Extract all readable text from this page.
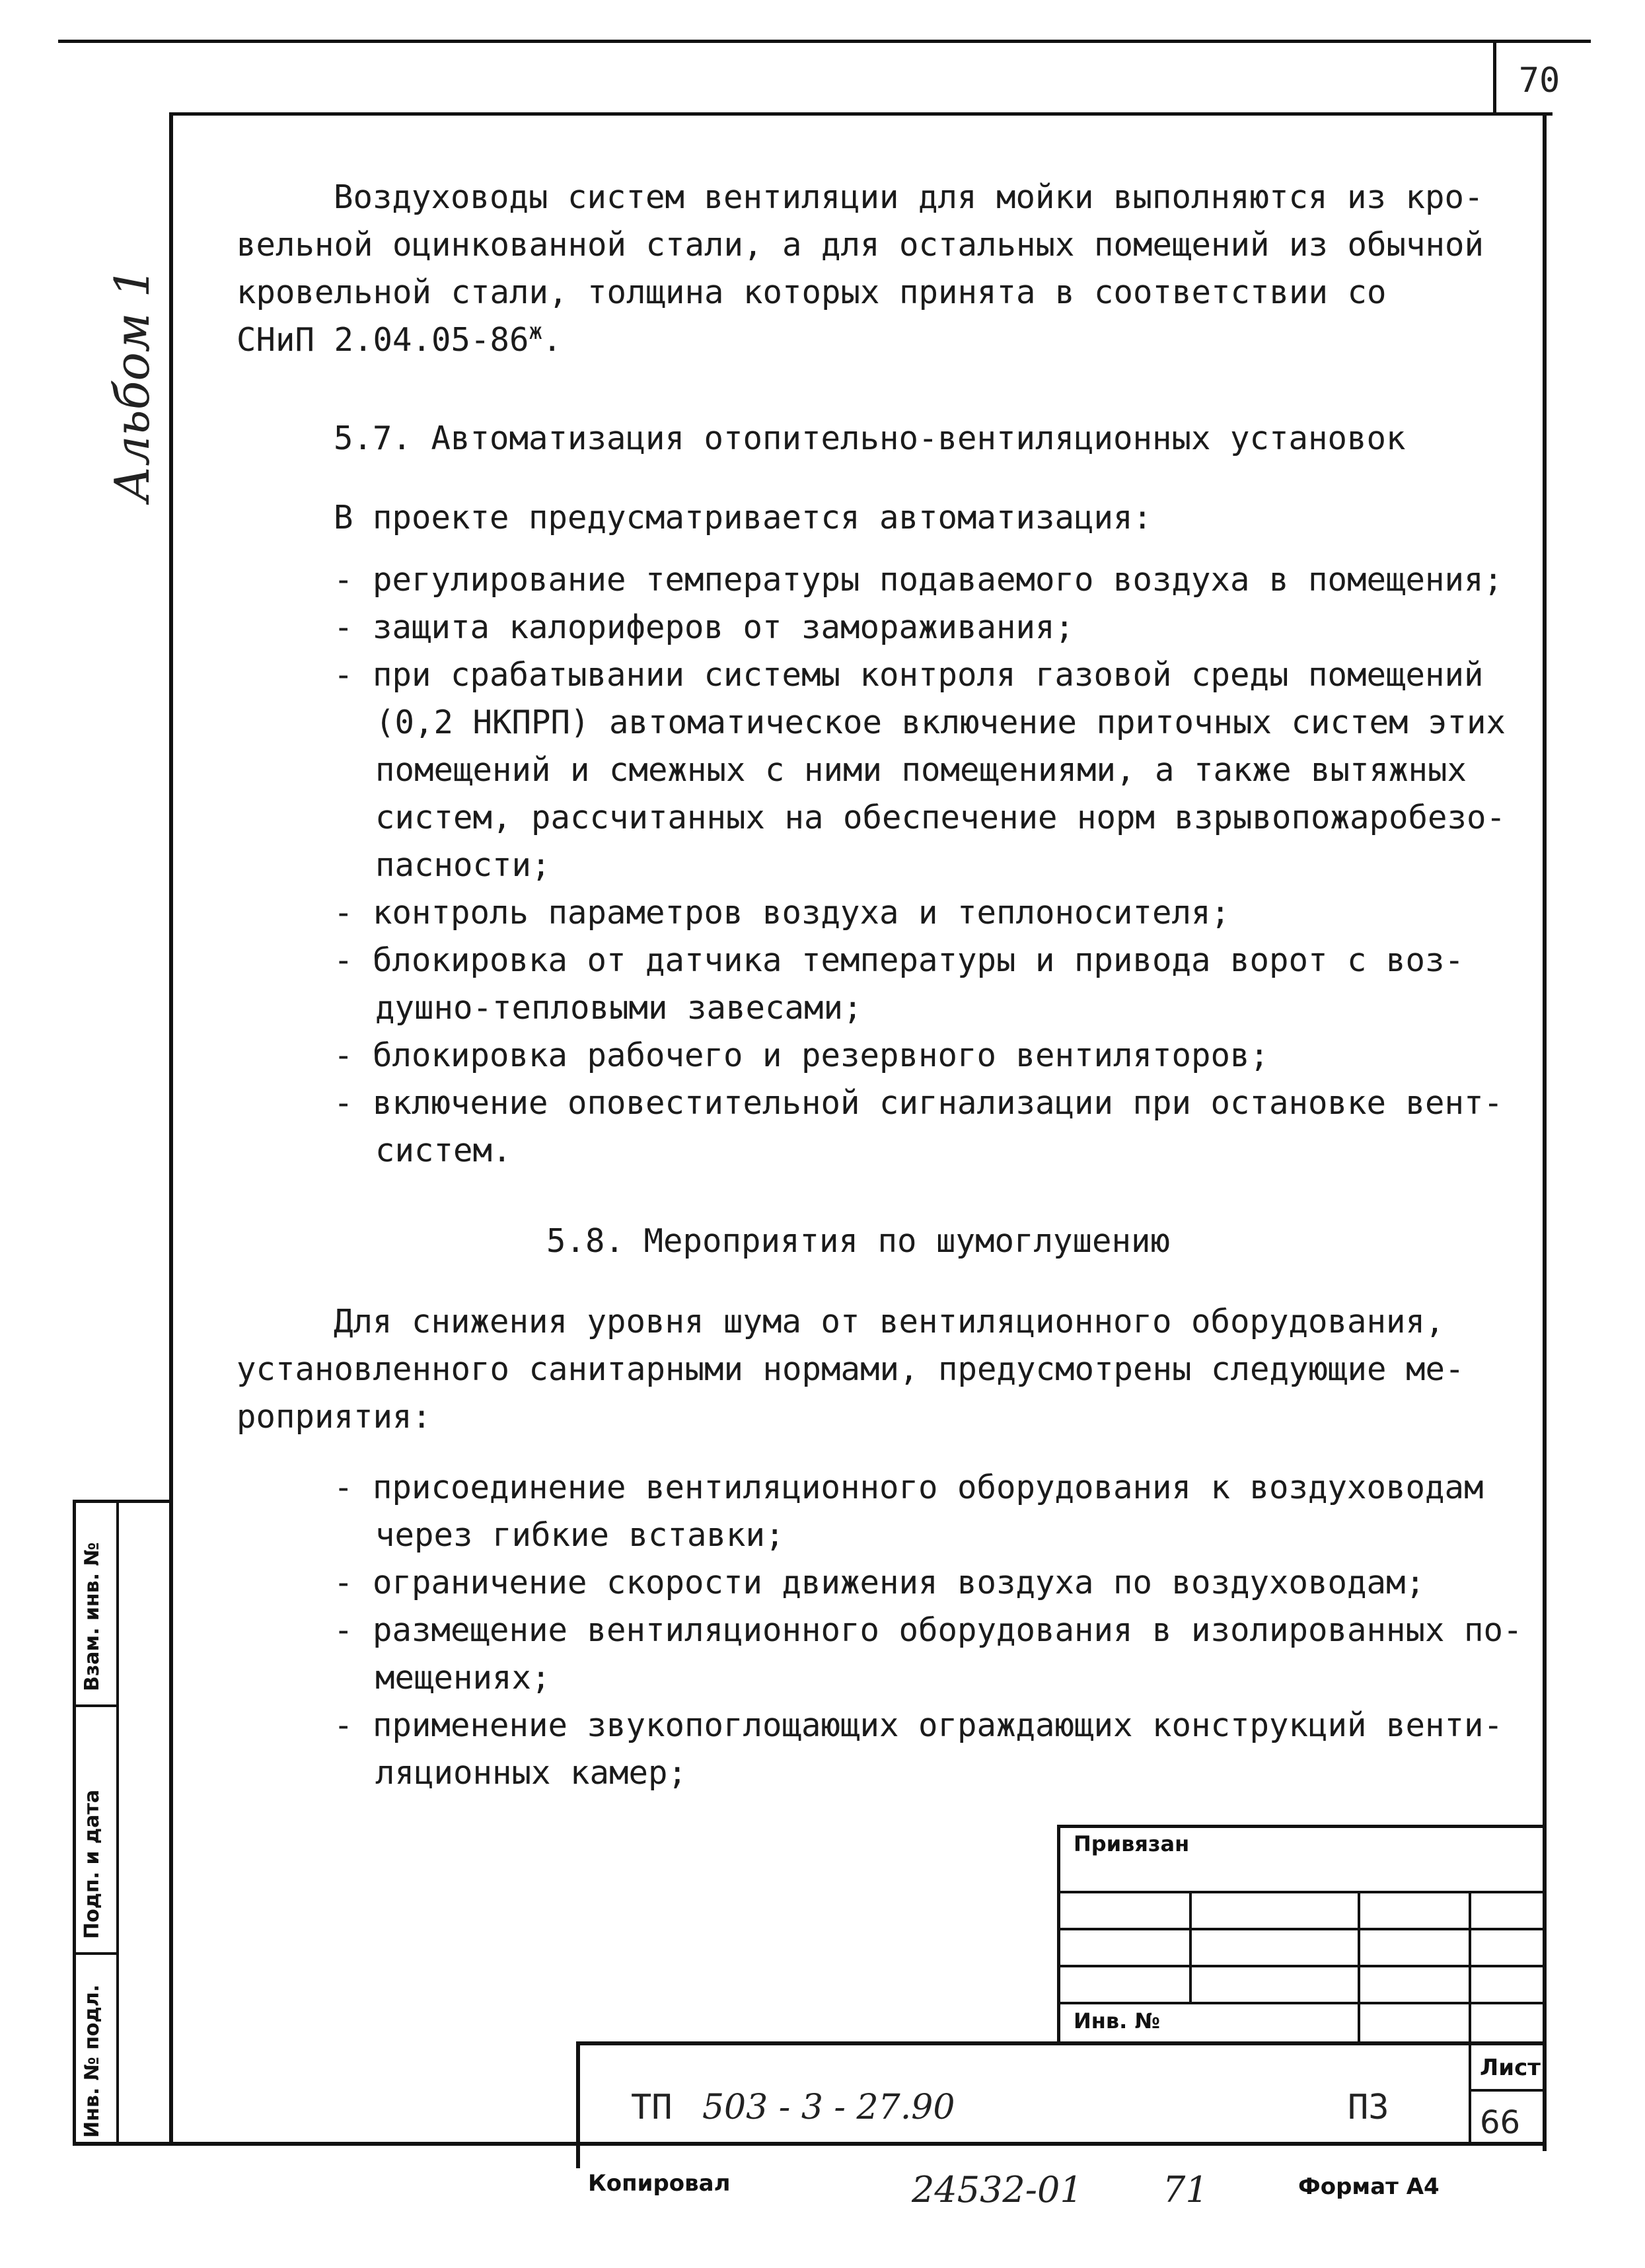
70
Альбом 1
Воздуховоды систем вентиляции для мойки выполняются из кро-
вельной оцинкованной стали, а для остальных помещений из обычной
кровельной стали, толщина которых принята в соответствии со
СНиП $2.04.05-86^ж$.
5.7. Автоматизация отопительно-вентиляционных установок
В проекте предусматривается автоматизация:
- регулирование температуры подаваемого воздуха в помещения;
- защита калориферов от замораживания;
- при срабатывании системы контроля газовой среды помещений
(0,2 НКПРП) автоматическое включение приточных систем этих
помещений и смежных с ними помещениями, а также вытяжных
систем, рассчитанных на обеспечение норм взрывопожаробезо-
пасности;
- контроль параметров воздуха и теплоносителя;
- блокировка от датчика температуры и привода ворот с воз-
душно-тепловыми завесами;
- блокировка рабочего и резервного вентиляторов;
- включение оповестительной сигнализации при остановке вент-
систем.
5.8. Мероприятия по шумоглушению
Для снижения уровня шума от вентиляционного оборудования,
установленного санитарными нормами, предусмотрены следующие ме-
роприятия:
- присоединение вентиляционного оборудования к воздуховодам
через гибкие вставки;
- ограничение скорости движения воздуха по воздуховодам;
- размещение вентиляционного оборудования в изолированных по-
мещениях;
- применение звукопоглощающих ограждающих конструкций венти-
ляционных камер;
Взам. инв. №
Подп. и дата
Инв. № подл.
Привязан
Инв. №
Лист
66
ТП 503 - 3 - 27.90	ПЗ
Копировал	24532-01 71	Формат А4
